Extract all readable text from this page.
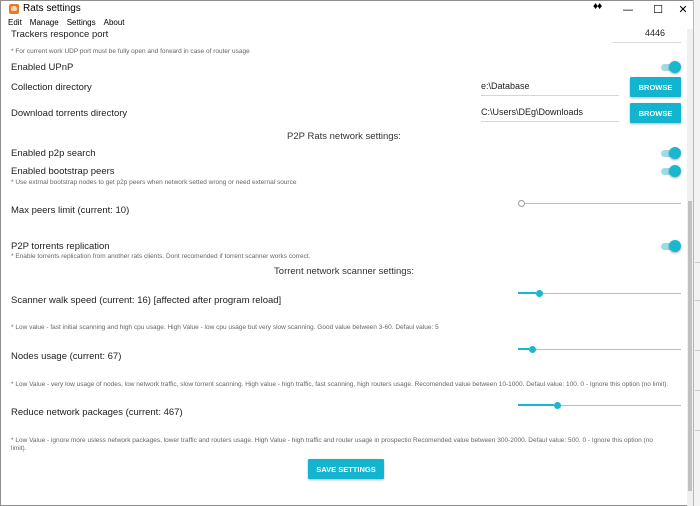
Rats settings	♦♦	—	☐	✕
Edit Manage Settings About
Trackers responce port	4446
* For current work UDP port must be fully open and forward in case of router usage
Enabled UPnP
Collection directory	e:\Database	BROWSE
Download torrents directory	C:\Users\DEg\Downloads	BROWSE
P2P Rats network settings:
Enabled p2p search
Enabled bootstrap peers
* Use extrnal bootstrap nodes to get p2p peers when network setted wrong or need external source
Max peers limit (current: 10)
P2P torrents replication
* Enable torrents replication from another rats clients. Dont recomended if torrent scanner works correct.
Torrent network scanner settings:
Scanner walk speed (current: 16) [affected after program reload]
* Low value - fast initial scanning and high cpu usage. High Value - low cpu usage but very slow scanning. Good value between 3-60. Defaul value: 5
Nodes usage (current: 67)
* Low Value - very low usage of nodes, low network traffic, slow torrent scanning. High value - high traffic, fast scanning, high routers usage. Recomended value between 10-1000. Defaul value: 100. 0 - Ignore this option (no limit).
Reduce network packages (current: 467)
* Low Value - ignore more usless network packages, lower traffic and routers usage. High Value - high traffic and router usage in prospectio Recomended value between 300-2000. Defaul value: 500. 0 - Ignore this option (no
limit).
SAVE SETTINGS
